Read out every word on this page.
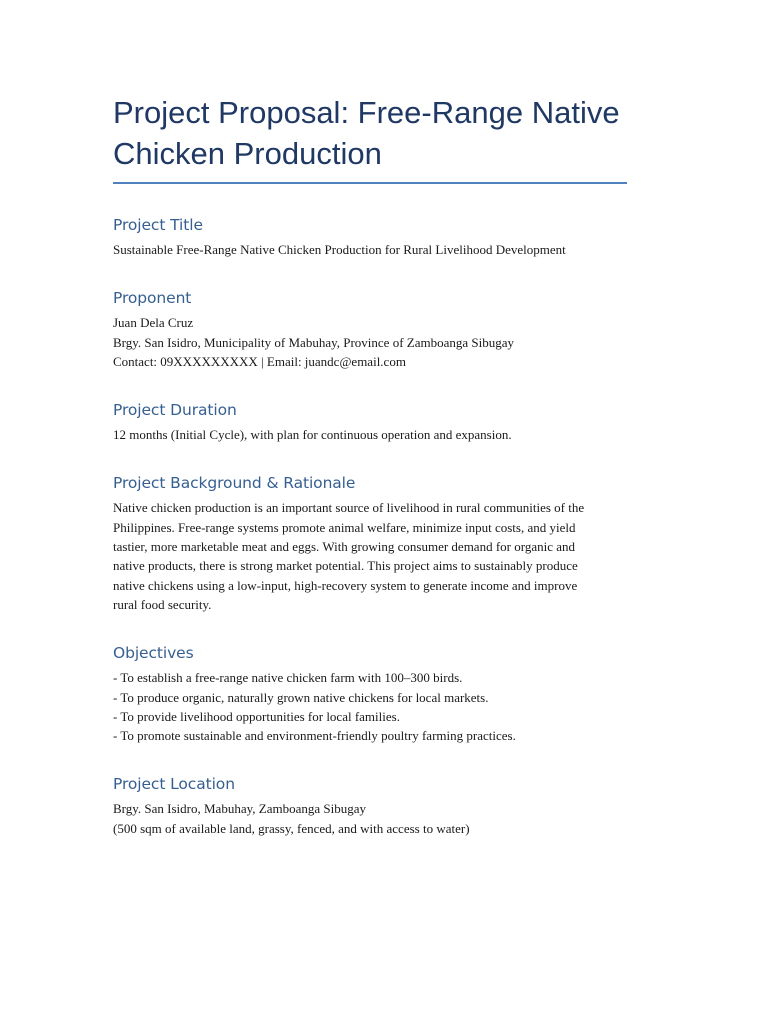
Project Proposal: Free-Range Native
Chicken Production
Project Title

Sustainable Free-Range Native Chicken Production for Rural Livelihood Development

Proponent
Juan Dela Cruz
Brgy. San Isidro, Municipality of Mabuhay, Province of Zamboanga Sibugay
Contact: 09XXXXXXXXX | Email: juandc@email.com
Project Duration

12 months (Initial Cycle), with plan for continuous operation and expansion.

Project Background & Rationale
Native chicken production is an important source of livelihood in rural communities of the
Philippines. Free-range systems promote animal welfare, minimize input costs, and yield
tastier, more marketable meat and eggs. With growing consumer demand for organic and
native products, there is strong market potential. This project aims to sustainably produce
native chickens using a low-input, high-recovery system to generate income and improve
rural food security.
Objectives
- To establish a free-range native chicken farm with 100–300 birds.
- To produce organic, naturally grown native chickens for local markets.
- To provide livelihood opportunities for local families.
- To promote sustainable and environment-friendly poultry farming practices.
Project Location
Brgy. San Isidro, Mabuhay, Zamboanga Sibugay
(500 sqm of available land, grassy, fenced, and with access to water)
